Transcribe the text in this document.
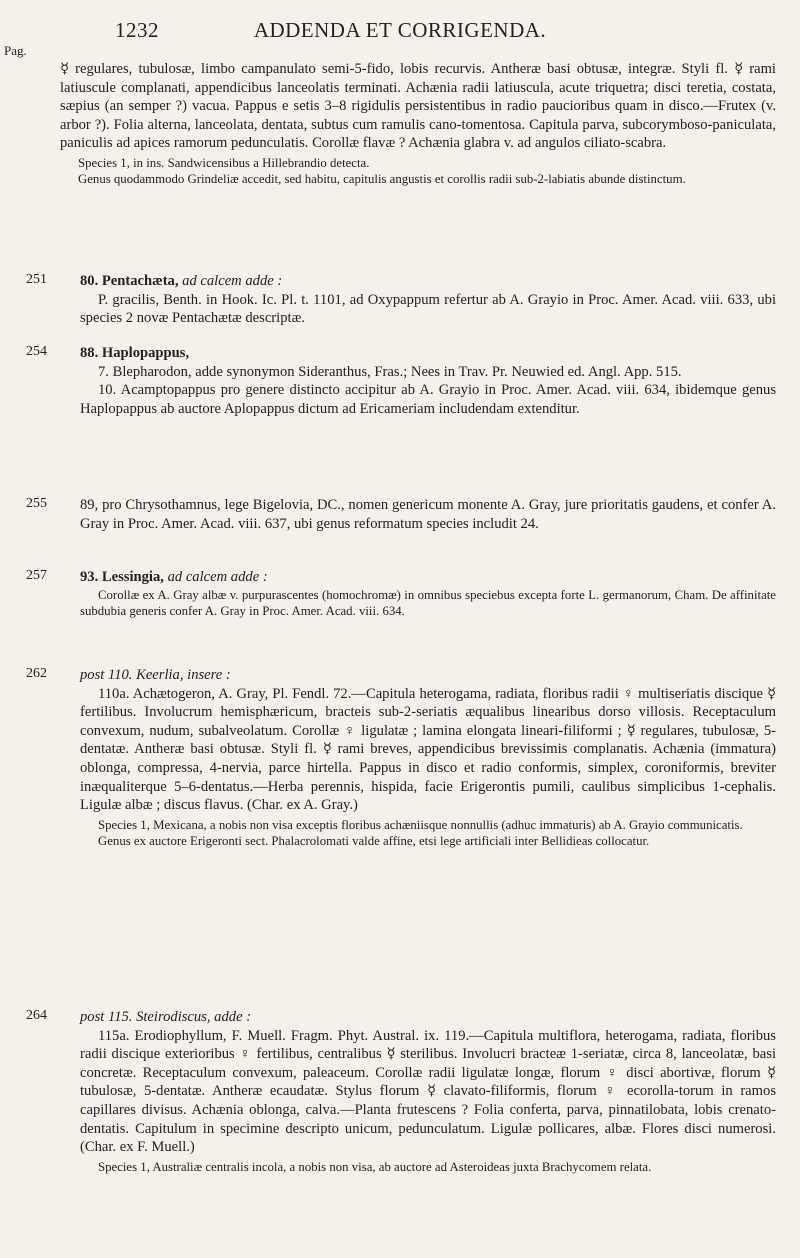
1232	ADDENDA ET CORRIGENDA.
Pag.

☿ regulares, tubulosæ, limbo campanulato semi-5-fido, lobis recurvis. Antheræ basi obtusæ, integræ. Styli fl. ☿ rami latiuscule complanati, appendicibus lanceolatis terminati. Achænia radii latiuscula, acute triquetra; disci teretia, costata, sæpius (an semper ?) vacua. Pappus e setis 3–8 rigidulis persistentibus in radio paucioribus quam in disco.—Frutex (v. arbor ?). Folia alterna, lanceolata, dentata, subtus cum ramulis cano-tomentosa. Capitula parva, subcorymboso-paniculata, paniculis ad apices ramorum pedunculatis. Corollæ flavæ ? Achænia glabra v. ad angulos ciliato-scabra.

Species 1, in ins. Sandwicensibus a Hillebrandio detecta.

Genus quodammodo Grindeliæ accedit, sed habitu, capitulis angustis et corollis radii sub-2-labiatis abunde distinctum.

251	80. Pentachæta, ad calcem adde :

P. gracilis, Benth. in Hook. Ic. Pl. t. 1101, ad Oxypappum refertur ab A. Grayio in Proc. Amer. Acad. viii. 633, ubi species 2 novæ Pentachætæ descriptæ.

254	88. Haplopappus,

7. Blepharodon, adde synonymon Sideranthus, Fras.; Nees in Trav. Pr. Neuwied ed. Angl. App. 515.

10. Acamptopappus pro genere distincto accipitur ab A. Grayio in Proc. Amer. Acad. viii. 634, ibidemque genus Haplopappus ab auctore Aplopappus dictum ad Ericameriam includendam extenditur.

255	89, pro Chrysothamnus, lege Bigelovia, DC., nomen genericum monente A. Gray, jure prioritatis gaudens, et confer A. Gray in Proc. Amer. Acad. viii. 637, ubi genus reformatum species includit 24.

257	93. Lessingia, ad calcem adde :

Corollæ ex A. Gray albæ v. purpurascentes (homochromæ) in omnibus speciebus excepta forte L. germanorum, Cham. De affinitate subdubia generis confer A. Gray in Proc. Amer. Acad. viii. 634.

262	post 110. Keerlia, insere :

110a. Achætogeron, A. Gray, Pl. Fendl. 72.—Capitula heterogama, radiata, floribus radii ♀ multiseriatis disciquе ☿ fertilibus. Involucrum hemisphæricum, bracteis sub-2-seriatis æqualibus linearibus dorso villosis. Receptaculum convexum, nudum, subalveolatum. Corollæ ♀ ligulatæ ; lamina elongata lineari-filiformi ; ☿ regulares, tubulosæ, 5-dentatæ. Antheræ basi obtusæ. Styli fl. ☿ rami breves, appendicibus brevissimis complanatis. Achænia (immatura) oblonga, compressa, 4-nervia, parce hirtella. Pappus in disco et radio conformis, simplex, coroniformis, breviter inæqualiterque 5–6-dentatus.—Herba perennis, hispida, facie Erigerontis pumili, caulibus simplicibus 1-cephalis. Ligulæ albæ ; discus flavus. (Char. ex A. Gray.)

Species 1, Mexicana, a nobis non visa exceptis floribus achæniisque nonnullis (adhuc immaturis) ab A. Grayio communicatis.

Genus ex auctore Erigeronti sect. Phalacrolomati valde affine, etsi lege artificiali inter Bellidieas collocatur.

264	post 115. Steirodiscus, adde :

115a. Erodiophyllum, F. Muell. Fragm. Phyt. Austral. ix. 119.—Capitula multiflora, heterogama, radiata, floribus radii disciquе exterioribus ♀ fertilibus, centralibus ☿ sterilibus. Involucri bracteæ 1-seriatæ, circa 8, lanceolatæ, basi concretæ. Receptaculum convexum, paleaceum. Corollæ radii ligulatæ longæ, florum ♀ disci abortivæ, florum ☿ tubulosæ, 5-dentatæ. Antheræ ecaudatæ. Stylus florum ☿ clavato-filiformis, florum ♀ ecorolla-torum in ramos capillares divisus. Achænia oblonga, calva.—Planta frutescens ? Folia conferta, parva, pinnatilobata, lobis crenato-dentatis. Capitulum in specimine descripto unicum, pedunculatum. Ligulæ pollicares, albæ. Flores disci numerosi. (Char. ex F. Muell.)

Species 1, Australiæ centralis incola, a nobis non visa, ab auctore ad Asteroideas juxta Brachycomem relata.
